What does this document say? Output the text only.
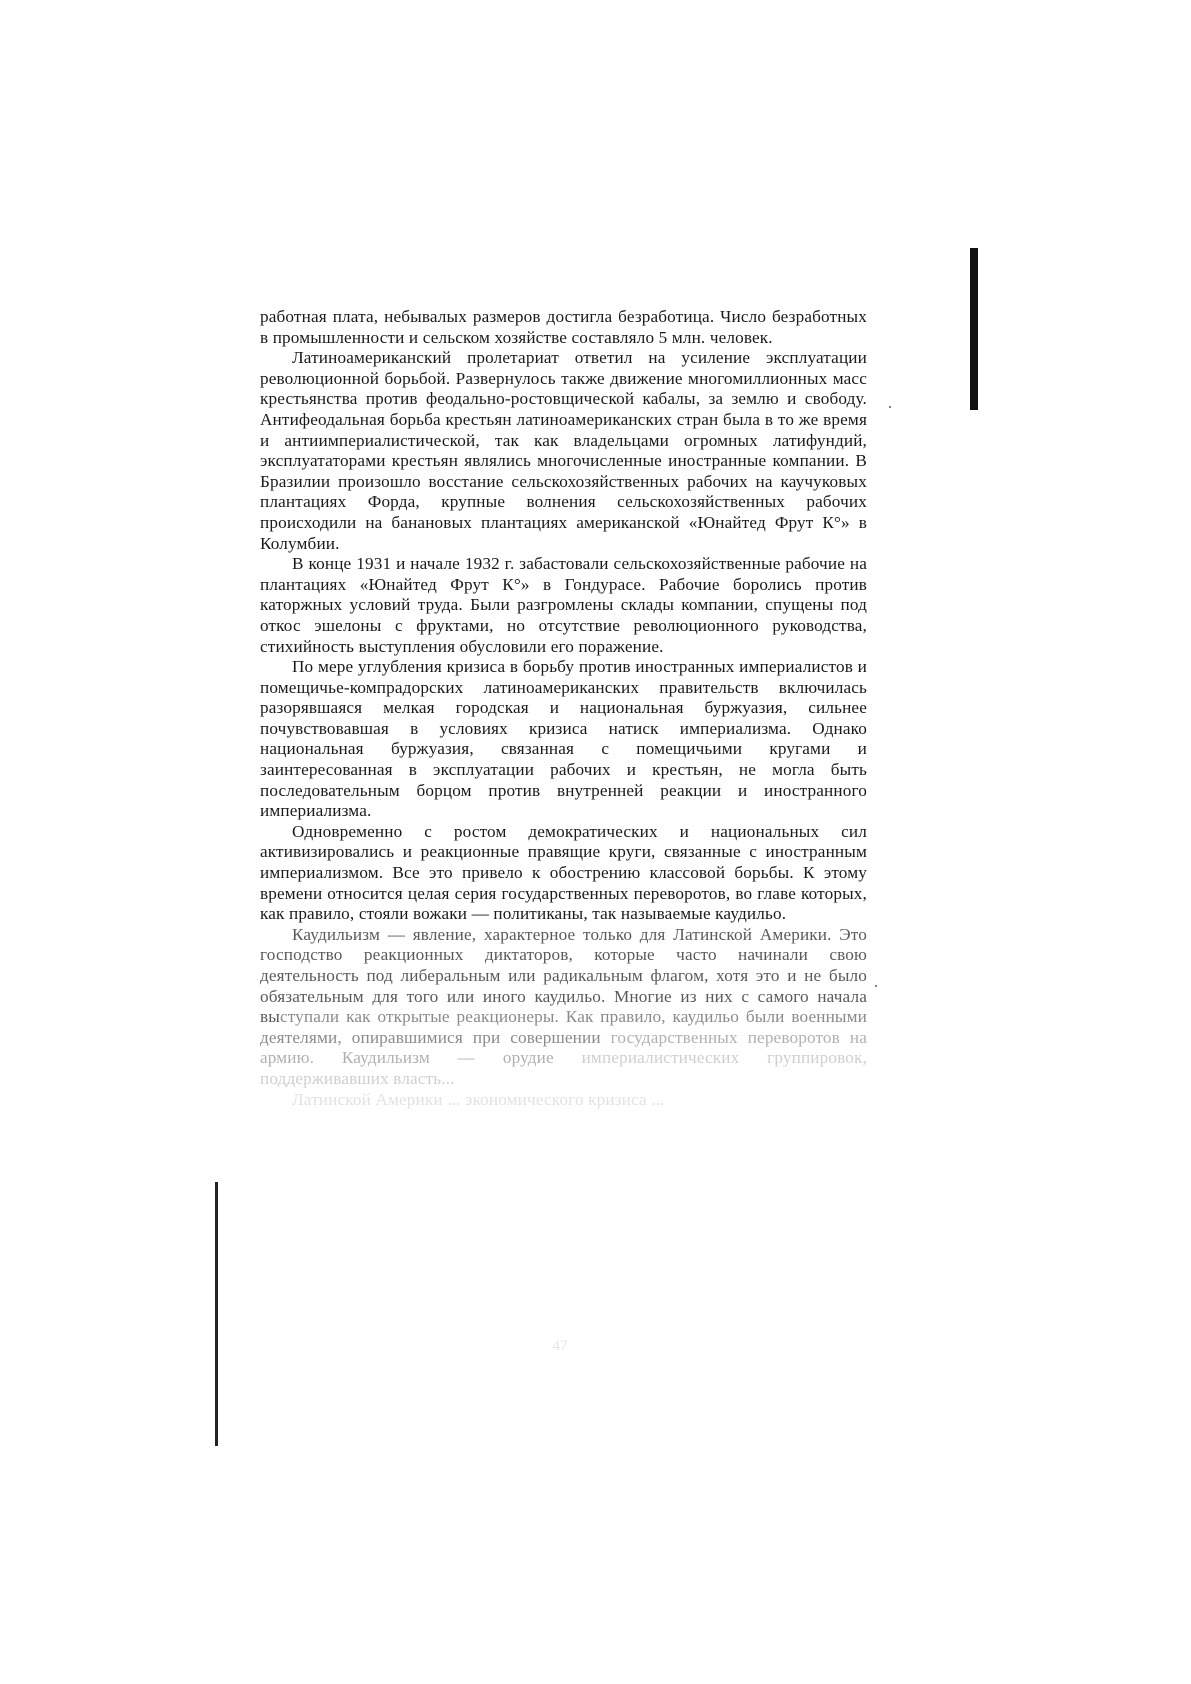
работная плата, небывалых размеров достигла безработица. Число безработных в промышленности и сельском хозяйстве составляло 5 млн. человек.

Латиноамериканский пролетариат ответил на усиление эксплуатации революционной борьбой. Развернулось также движение многомиллионных масс крестьянства против феодально-ростовщической кабалы, за землю и свободу. Антифеодальная борьба крестьян латиноамериканских стран была в то же время и антиимпериалистической, так как владельцами огромных латифундий, эксплуататорами крестьян являлись многочисленные иностранные компании. В Бразилии произошло восстание сельскохозяйственных рабочих на каучуковых плантациях Форда, крупные волнения сельскохозяйственных рабочих происходили на банановых плантациях американской «Юнайтед Фрут К°» в Колумбии.

В конце 1931 и начале 1932 г. забастовали сельскохозяйственные рабочие на плантациях «Юнайтед Фрут К°» в Гондурасе. Рабочие боролись против каторжных условий труда. Были разгромлены склады компании, спущены под откос эшелоны с фруктами, но отсутствие революционного руководства, стихийность выступления обусловили его поражение.

По мере углубления кризиса в борьбу против иностранных империалистов и помещичье-компрадорских латиноамериканских правительств включилась разорявшаяся мелкая городская и национальная буржуазия, сильнее почувствовавшая в условиях кризиса натиск империализма. Однако национальная буржуазия, связанная с помещичьими кругами и заинтересованная в эксплуатации рабочих и крестьян, не могла быть последовательным борцом против внутренней реакции и иностранного империализма.

Одновременно с ростом демократических и национальных сил активизировались и реакционные правящие круги, связанные с иностранным империализмом. Все это привело к обострению классовой борьбы. К этому времени относится целая серия государственных переворотов, во главе которых, как правило, стояли вожаки — политиканы, так называемые каудильо.

Каудильизм — явление, характерное только для Латинской Америки. Это господство реакционных диктаторов, которые часто начинали свою деятельность под либеральным или радикальным флагом, хотя это и не было обязательным для того или иного каудильо. Многие из них с самого начала выступали как открытые реакционеры. Как правило, каудильо были военными деятелями, опиравшимися при совершении государственных переворотов на армию. Каудильизм — орудие империалистических группировок, поддерживавших власть...

Латинской Америки ... экономического кризиса ...

47
